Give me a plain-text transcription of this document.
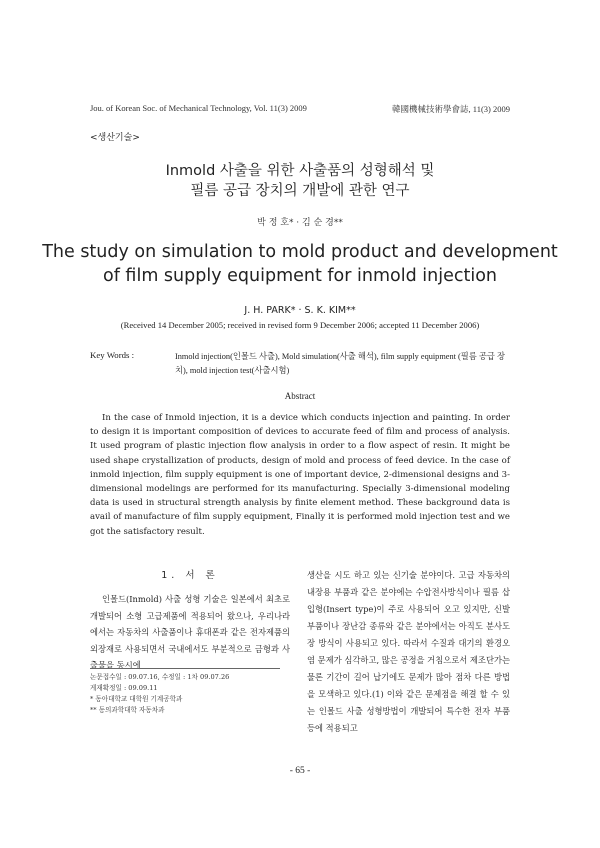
Jou. of Korean Soc. of Mechanical Technology, Vol. 11(3) 2009	韓國機械技術學會誌, 11(3) 2009
<생산기술>
Inmold 사출을 위한 사출품의 성형해석 및
필름 공급 장치의 개발에 관한 연구
박 정 호* · 김 순 경**
The study on simulation to mold product and development
of film supply equipment for inmold injection
J. H. PARK* · S. K. KIM**
(Received 14 December 2005; received in revised form 9 December 2006; accepted 11 December 2006)
Key Words :	Inmold injection(인몰드 사출), Mold simulation(사출 해석), film supply equipment (필름 공급 장치), mold injection test(사출시험)
Abstract
In the case of Inmold injection, it is a device which conducts injection and painting. In order to design it is important composition of devices to accurate feed of film and process of analysis. It used program of plastic injection flow analysis in order to a flow aspect of resin. It might be used shape crystallization of products, design of mold and process of feed device. In the case of inmold injection, film supply equipment is one of important device, 2-dimensional designs and 3-dimensional modelings are performed for its manufacturing. Specially 3-dimensional modeling data is used in structural strength analysis by finite element method. These background data is avail of manufacture of film supply equipment, Finally it is performed mold injection test and we got the satisfactory result.
1. 서 론
인몰드(Inmold) 사출 성형 기술은 일본에서 최초로 개발되어 소형 고급제품에 적용되어 왔으나, 우리나라에서는 자동차의 사출품이나 휴대폰과 같은 전자제품의 외장재로 사용되면서 국내에서도 부분적으로 금형과 사출물을 동시에
논문접수일 : 09.07.16, 수정일 : 1차 09.07.26
게재확정일 : 09.09.11
* 동아대학교 대학원 기계공학과
** 동의과학대학 자동차과
생산을 시도 하고 있는 신기술 분야이다. 고급 자동차의 내장용 부품과 같은 분야에는 수압전사방식이나 필름 삽입형(Insert type)이 주로 사용되어 오고 있지만, 신발 부품이나 장난감 종류와 같은 분야에서는 아직도 분사도장 방식이 사용되고 있다. 따라서 수질과 대기의 환경오염 문제가 심각하고, 많은 공정을 거침으로서 제조단가는 물론 기간이 길어 납기에도 문제가 많아 점차 다른 방법을 모색하고 있다.(1) 이와 같은 문제점을 해결 할 수 있는 인몰드 사출 성형방법이 개발되어 특수한 전자 부품 등에 적용되고
- 65 -
